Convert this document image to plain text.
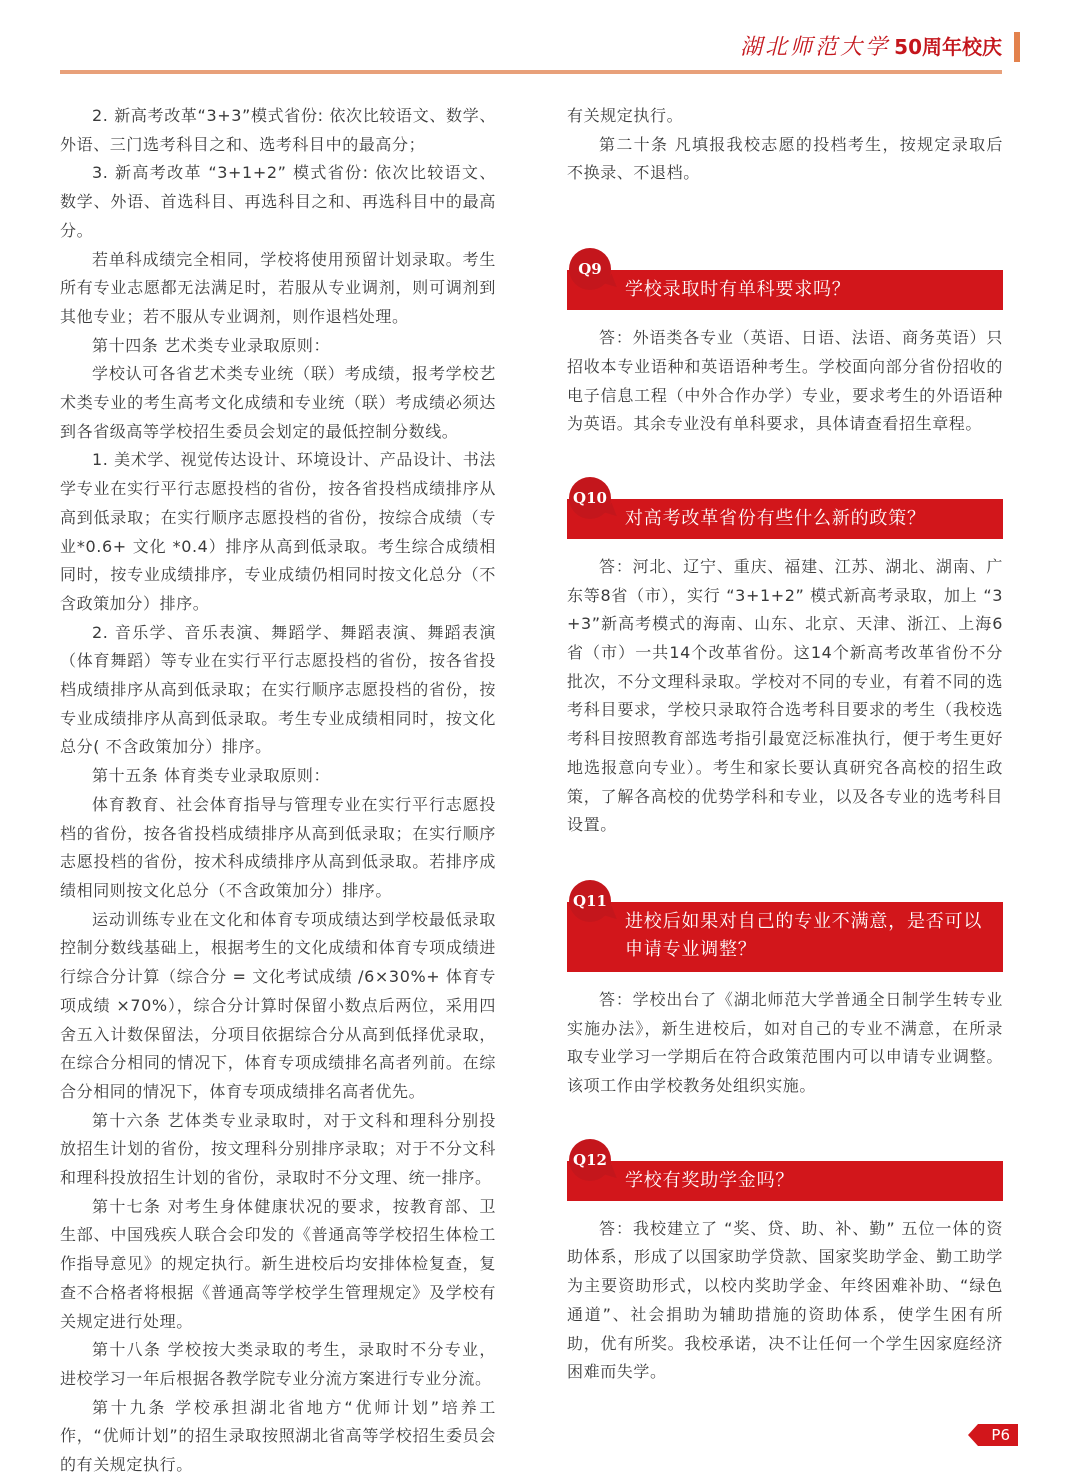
湖北师范大学 50周年校庆

2. 新高考改革“3+3”模式省份: 依次比较语文、数学、外语、三门选考科目之和、选考科目中的最高分；

3. 新高考改革 “3+1+2” 模式省份: 依次比较语文、数学、外语、首选科目、再选科目之和、再选科目中的最高分。

若单科成绩完全相同，学校将使用预留计划录取。考生所有专业志愿都无法满足时，若服从专业调剂，则可调剂到其他专业；若不服从专业调剂，则作退档处理。

第十四条 艺术类专业录取原则：

学校认可各省艺术类专业统（联）考成绩，报考学校艺术类专业的考生高考文化成绩和专业统（联）考成绩必须达到各省级高等学校招生委员会划定的最低控制分数线。

1. 美术学、视觉传达设计、环境设计、产品设计、书法学专业在实行平行志愿投档的省份，按各省投档成绩排序从高到低录取；在实行顺序志愿投档的省份，按综合成绩（专业*0.6+ 文化 *0.4）排序从高到低录取。考生综合成绩相同时，按专业成绩排序，专业成绩仍相同时按文化总分（不含政策加分）排序。

2. 音乐学、音乐表演、舞蹈学、舞蹈表演、舞蹈表演（体育舞蹈）等专业在实行平行志愿投档的省份，按各省投档成绩排序从高到低录取；在实行顺序志愿投档的省份，按专业成绩排序从高到低录取。考生专业成绩相同时，按文化总分( 不含政策加分）排序。

第十五条 体育类专业录取原则：

体育教育、社会体育指导与管理专业在实行平行志愿投档的省份，按各省投档成绩排序从高到低录取；在实行顺序志愿投档的省份，按术科成绩排序从高到低录取。若排序成绩相同则按文化总分（不含政策加分）排序。

运动训练专业在文化和体育专项成绩达到学校最低录取控制分数线基础上，根据考生的文化成绩和体育专项成绩进行综合分计算（综合分 = 文化考试成绩 /6×30%+ 体育专项成绩 ×70%），综合分计算时保留小数点后两位，采用四舍五入计数保留法，分项目依据综合分从高到低择优录取，在综合分相同的情况下，体育专项成绩排名高者列前。在综合分相同的情况下，体育专项成绩排名高者优先。

第十六条 艺体类专业录取时，对于文科和理科分别投放招生计划的省份，按文理科分别排序录取；对于不分文科和理科投放招生计划的省份，录取时不分文理、统一排序。

第十七条 对考生身体健康状况的要求，按教育部、卫生部、中国残疾人联合会印发的《普通高等学校招生体检工作指导意见》的规定执行。新生进校后均安排体检复查，复查不合格者将根据《普通高等学校学生管理规定》及学校有关规定进行处理。

第十八条 学校按大类录取的考生，录取时不分专业，进校学习一年后根据各教学院专业分流方案进行专业分流。

第十九条 学校承担湖北省地方“优师计划”培养工作，“优师计划”的招生录取按照湖北省高等学校招生委员会的有关规定执行。

有关规定执行。

第二十条 凡填报我校志愿的投档考生，按规定录取后不换录、不退档。

Q9
学校录取时有单科要求吗？

答：外语类各专业（英语、日语、法语、商务英语）只招收本专业语种和英语语种考生。学校面向部分省份招收的电子信息工程（中外合作办学）专业，要求考生的外语语种为英语。其余专业没有单科要求，具体请查看招生章程。

Q10
对高考改革省份有些什么新的政策？

答：河北、辽宁、重庆、福建、江苏、湖北、湖南、广东等8省（市），实行 “3+1+2” 模式新高考录取，加上 “3+3”新高考模式的海南、山东、北京、天津、浙江、上海6省（市）一共14个改革省份。这14个新高考改革省份不分批次，不分文理科录取。学校对不同的专业，有着不同的选考科目要求，学校只录取符合选考科目要求的考生（我校选考科目按照教育部选考指引最宽泛标准执行，便于考生更好地选报意向专业）。考生和家长要认真研究各高校的招生政策，了解各高校的优势学科和专业，以及各专业的选考科目设置。

Q11
进校后如果对自己的专业不满意，是否可以申请专业调整？

答：学校出台了《湖北师范大学普通全日制学生转专业实施办法》，新生进校后，如对自己的专业不满意，在所录取专业学习一学期后在符合政策范围内可以申请专业调整。该项工作由学校教务处组织实施。

Q12
学校有奖助学金吗？

答：我校建立了 “奖、贷、助、补、勤” 五位一体的资助体系，形成了以国家助学贷款、国家奖助学金、勤工助学为主要资助形式，以校内奖助学金、年终困难补助、“绿色通道”、社会捐助为辅助措施的资助体系，使学生困有所助，优有所奖。我校承诺，决不让任何一个学生因家庭经济困难而失学。

P6
